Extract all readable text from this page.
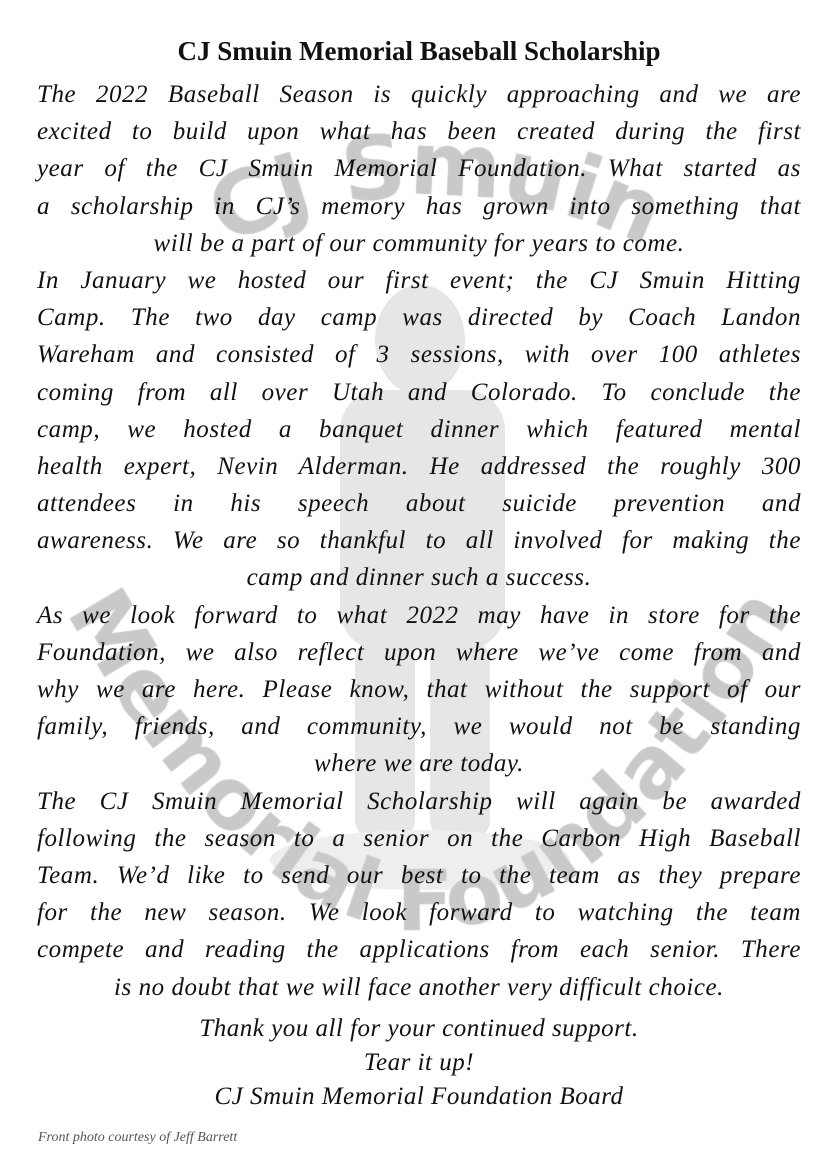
CJ Smuin Memorial Baseball Scholarship
The 2022 Baseball Season is quickly approaching and we are
excited to build upon what has been created during the first
year of the CJ Smuin Memorial Foundation. What started as
a scholarship in CJ’s memory has grown into something that
will be a part of our community for years to come.
In January we hosted our first event; the CJ Smuin Hitting
Camp. The two day camp was directed by Coach Landon
Wareham and consisted of 3 sessions, with over 100 athletes
coming from all over Utah and Colorado. To conclude the
camp, we hosted a banquet dinner which featured mental
health expert, Nevin Alderman. He addressed the roughly 300
attendees in his speech about suicide prevention and
awareness. We are so thankful to all involved for making the
camp and dinner such a success.
As we look forward to what 2022 may have in store for the
Foundation, we also reflect upon where we’ve come from and
why we are here. Please know, that without the support of our
family, friends, and community, we would not be standing
where we are today.
The CJ Smuin Memorial Scholarship will again be awarded
following the season to a senior on the Carbon High Baseball
Team. We’d like to send our best to the team as they prepare
for the new season. We look forward to watching the team
compete and reading the applications from each senior. There
is no doubt that we will face another very difficult choice.
Thank you all for your continued support.
Tear it up!
CJ Smuin Memorial Foundation Board
Front photo courtesy of Jeff Barrett
